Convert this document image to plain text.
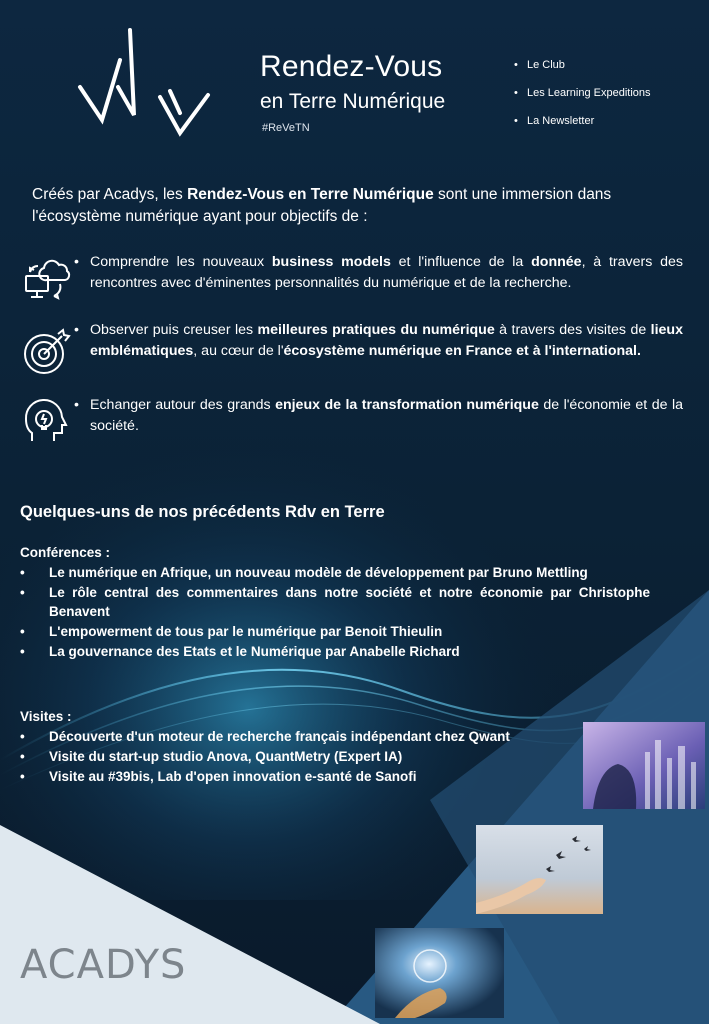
Rendez-Vous
en Terre Numérique
#ReVeTN
• Le Club
• Les Learning Expeditions
• La Newsletter

Créés par Acadys, les Rendez-Vous en Terre Numérique sont une immersion dans l'écosystème numérique ayant pour objectifs de :

• Comprendre les nouveaux business models et l'influence de la donnée, à travers des rencontres avec d'éminentes personnalités du numérique et de la recherche.
• Observer puis creuser les meilleures pratiques du numérique à travers des visites de lieux emblématiques, au cœur de l'écosystème numérique en France et à l'international.
• Echanger autour des grands enjeux de la transformation numérique de l'économie et de la société.
Quelques-uns de nos précédents Rdv en Terre
Conférences :
• Le numérique en Afrique, un nouveau modèle de développement par Bruno Mettling
• Le rôle central des commentaires dans notre société et notre économie par Christophe Benavent
• L'empowerment de tous par le numérique par Benoit Thieulin
• La gouvernance des Etats et le Numérique par Anabelle Richard
Visites :
• Découverte d'un moteur de recherche français indépendant chez Qwant
• Visite du start-up studio Anova, QuantMetry (Expert IA)
• Visite au #39bis, Lab d'open innovation e-santé de Sanofi
ACADYS
